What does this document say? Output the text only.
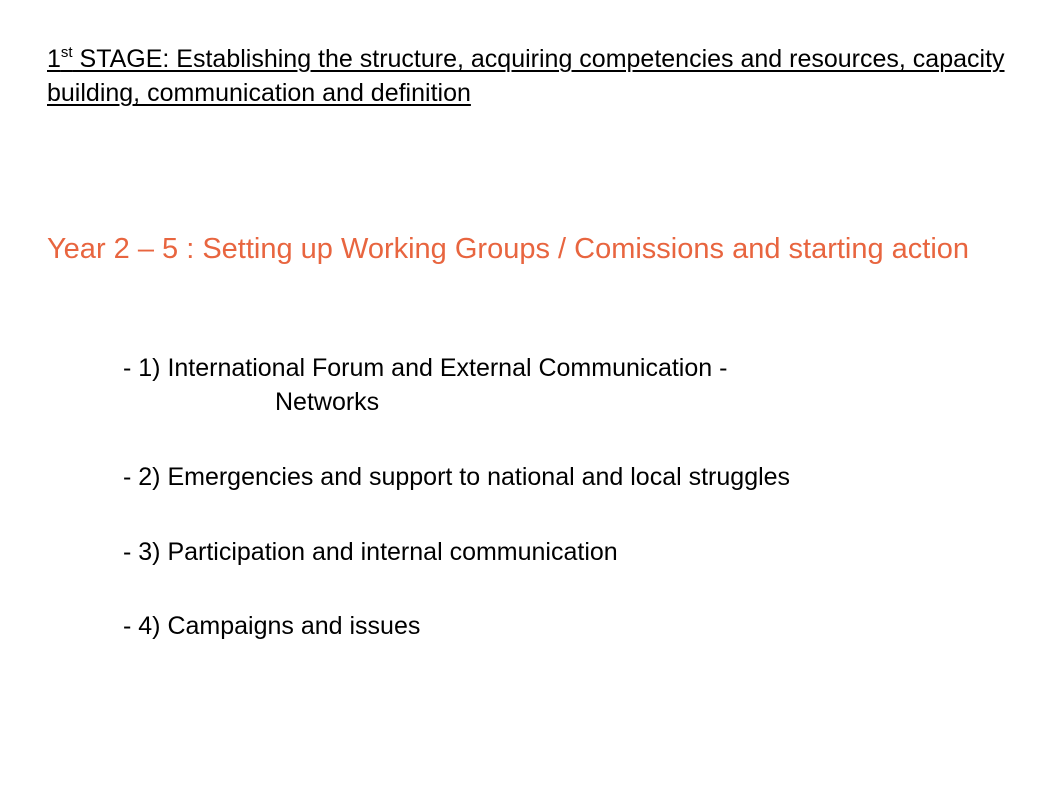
1st STAGE: Establishing the structure, acquiring competencies and resources, capacity building, communication and definition
Year 2 – 5 : Setting up Working Groups / Comissions and starting action
- 1) International Forum and External Communication -
Networks
- 2) Emergencies and support to national and local struggles
- 3) Participation and internal communication
- 4) Campaigns and issues
